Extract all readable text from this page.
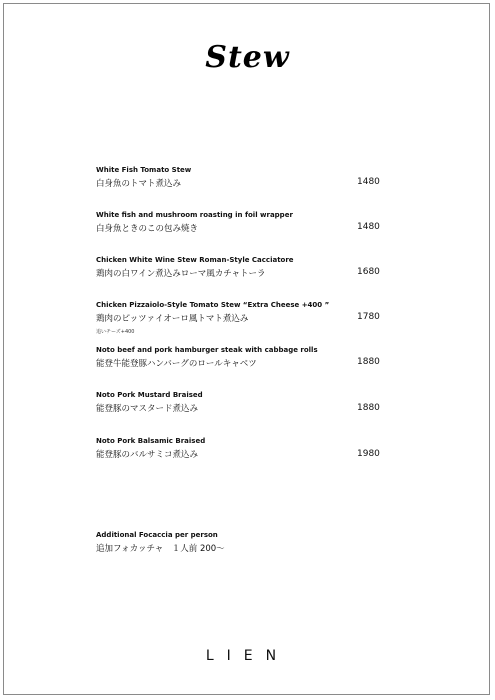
Stew
White Fish Tomato Stew
白身魚のトマト煮込み	1480
White fish and mushroom roasting in foil wrapper
白身魚ときのこの包み焼き	1480
Chicken White Wine Stew Roman-Style Cacciatore
鶏肉の白ワイン煮込みローマ風カチャトーラ	1680
Chicken Pizzaiolo-Style Tomato Stew “Extra Cheese +400 ”
鶏肉のピッツァイオーロ風トマト煮込み
追いチーズ+400
1780
Noto beef and pork hamburger steak with cabbage rolls
能登牛能登豚ハンバーグのロールキャベツ	1880
Noto Pork Mustard Braised
能登豚のマスタード煮込み	1880
Noto Pork Balsamic Braised
能登豚のバルサミコ煮込み	1980
Additional Focaccia per person
追加フォカッチャ　１人前 200～
LIEN
